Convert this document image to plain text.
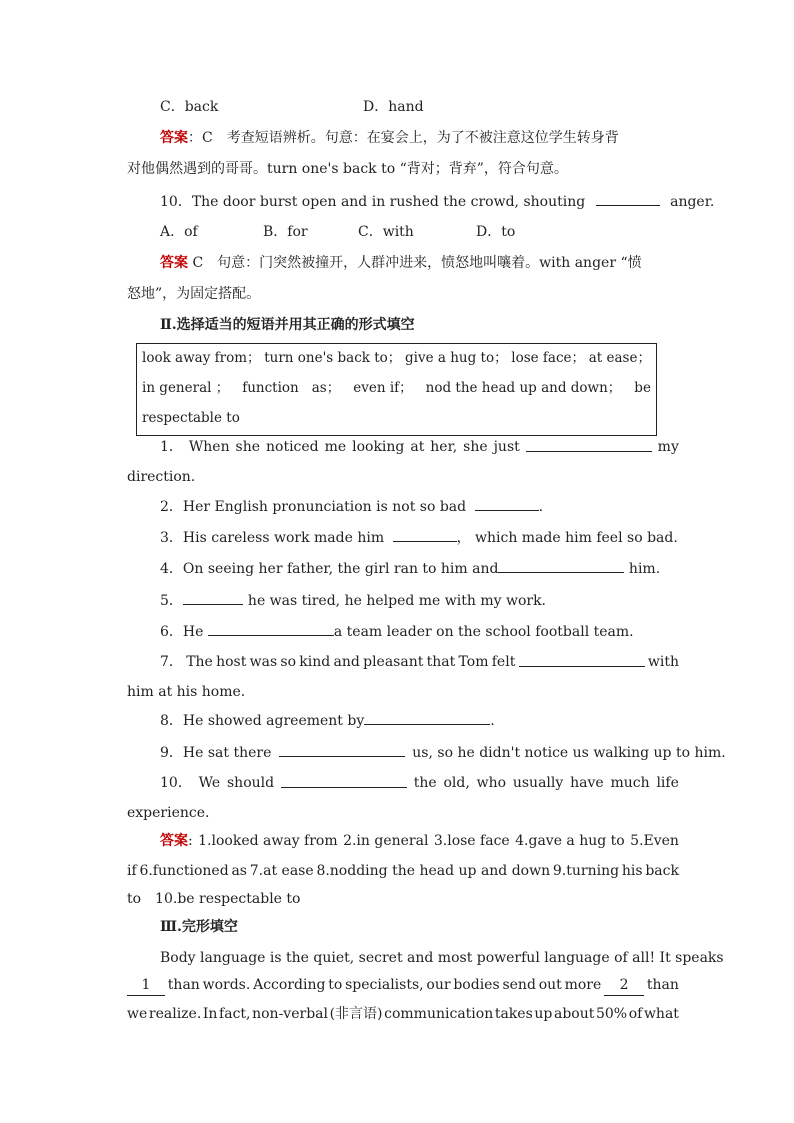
C．back	D．hand
答案：C　考查短语辨析。句意：在宴会上，为了不被注意这位学生转身背
对他偶然遇到的哥哥。turn one's back to “背对；背弃”，符合句意。
10．The door burst open and in rushed the crowd, shouting	anger.
A．of	B．for	C．with	D．to
答案 C　句意：门突然被撞开，人群冲进来，愤怒地叫嚷着。with anger “愤
怒地”，为固定搭配。
Ⅱ.选择适当的短语并用其正确的形式填空
look away from； turn one's back to； give a hug to； lose face； at ease；
in general ； function as； even if； nod the head up and down； be
respectable to
1． When she noticed me looking at her, she just	my
direction.
2．Her English pronunciation is not so bad	.
3．His careless work made him	， which made him feel so bad.
4．On seeing her father, the girl ran to him and	him.
5．	he was tired, he helped me with my work.
6．He	a team leader on the school football team.
7． The host was so kind and pleasant that Tom felt	with
him at his home.
8．He showed agreement by	.
9．He sat there	us, so he didn't notice us walking up to him.
10． We should	the old, who usually have much life
experience.
答案: 1.looked away from 2.in general 3.lose face 4.gave a hug to 5.Even
if 6.functioned as 7.at ease 8.nodding the head up and down 9.turning his back
to　10.be respectable to
Ⅲ.完形填空
Body language is the quiet, secret and most powerful language of all! It speaks
1	than words. According to specialists, our bodies send out more	2	than
we realize. In fact, non-verbal (非言语) communication takes up about 50% of what
